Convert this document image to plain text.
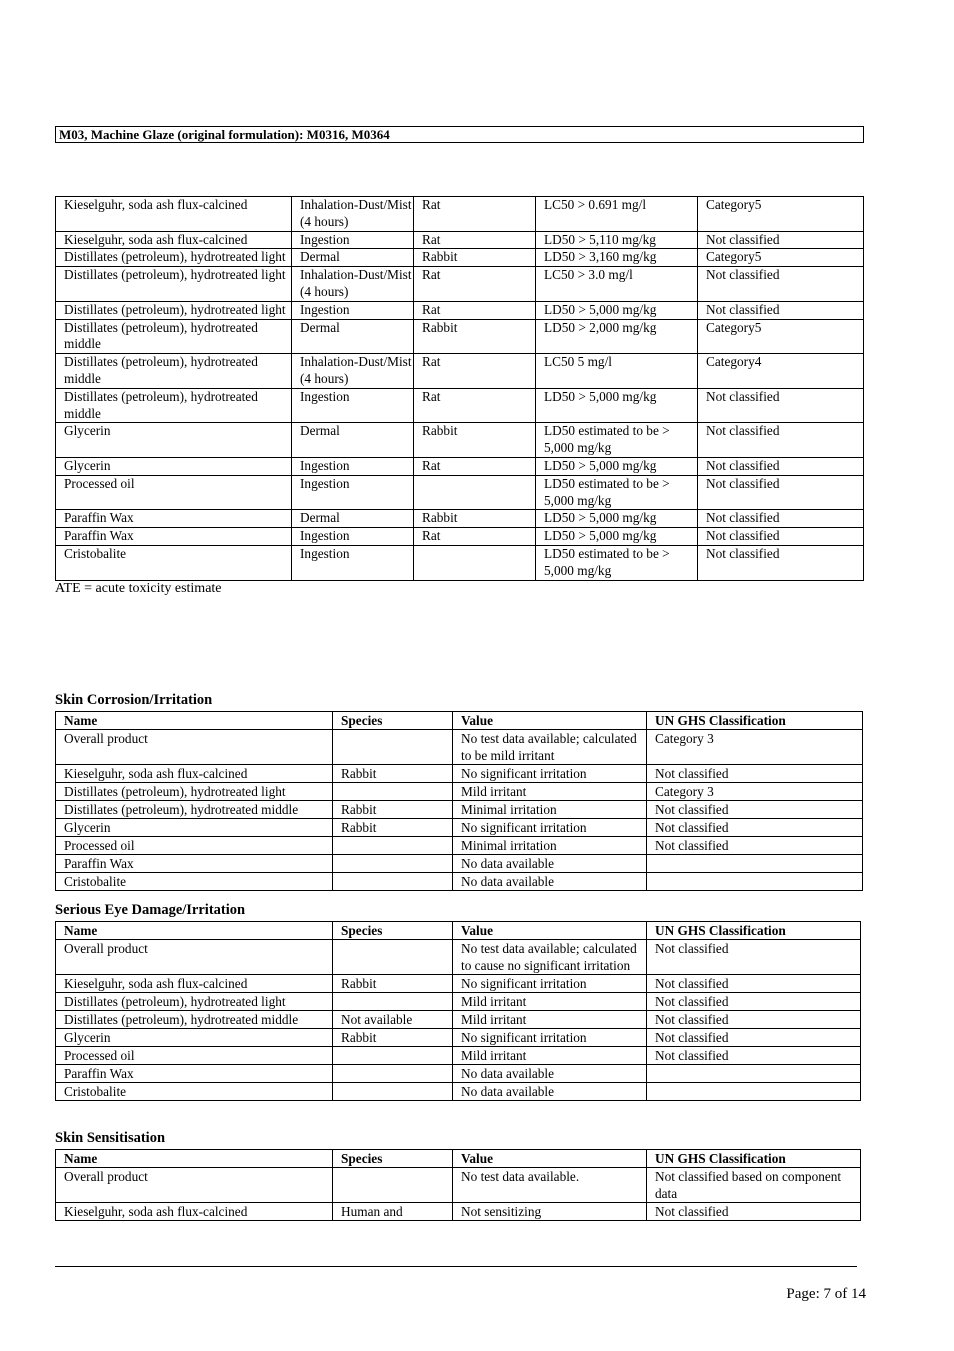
M03, Machine Glaze (original formulation): M0316, M0364
Kieselguhr, soda ash flux-calcined	Inhalation-Dust/Mist (4 hours)	Rat	LC50 > 0.691 mg/l	Category5
Kieselguhr, soda ash flux-calcined	Ingestion	Rat	LD50 > 5,110 mg/kg	Not classified
Distillates (petroleum), hydrotreated light	Dermal	Rabbit	LD50 > 3,160 mg/kg	Category5
Distillates (petroleum), hydrotreated light	Inhalation-Dust/Mist (4 hours)	Rat	LC50 > 3.0 mg/l	Not classified
Distillates (petroleum), hydrotreated light	Ingestion	Rat	LD50 > 5,000 mg/kg	Not classified
Distillates (petroleum), hydrotreated middle	Dermal	Rabbit	LD50 > 2,000 mg/kg	Category5
Distillates (petroleum), hydrotreated middle	Inhalation-Dust/Mist (4 hours)	Rat	LC50 5 mg/l	Category4
Distillates (petroleum), hydrotreated middle	Ingestion	Rat	LD50 > 5,000 mg/kg	Not classified
Glycerin	Dermal	Rabbit	LD50 estimated to be > 5,000 mg/kg	Not classified
Glycerin	Ingestion	Rat	LD50 > 5,000 mg/kg	Not classified
Processed oil	Ingestion		LD50 estimated to be > 5,000 mg/kg	Not classified
Paraffin Wax	Dermal	Rabbit	LD50 > 5,000 mg/kg	Not classified
Paraffin Wax	Ingestion	Rat	LD50 > 5,000 mg/kg	Not classified
Cristobalite	Ingestion		LD50 estimated to be > 5,000 mg/kg	Not classified
ATE = acute toxicity estimate
Skin Corrosion/Irritation
Name	Species	Value	UN GHS Classification
Overall product		No test data available; calculated to be mild irritant	Category 3
Kieselguhr, soda ash flux-calcined	Rabbit	No significant irritation	Not classified
Distillates (petroleum), hydrotreated light		Mild irritant	Category 3
Distillates (petroleum), hydrotreated middle	Rabbit	Minimal irritation	Not classified
Glycerin	Rabbit	No significant irritation	Not classified
Processed oil		Minimal irritation	Not classified
Paraffin Wax		No data available	
Cristobalite		No data available	
Serious Eye Damage/Irritation
Name	Species	Value	UN GHS Classification
Overall product		No test data available; calculated to cause no significant irritation	Not classified
Kieselguhr, soda ash flux-calcined	Rabbit	No significant irritation	Not classified
Distillates (petroleum), hydrotreated light		Mild irritant	Not classified
Distillates (petroleum), hydrotreated middle	Not available	Mild irritant	Not classified
Glycerin	Rabbit	No significant irritation	Not classified
Processed oil		Mild irritant	Not classified
Paraffin Wax		No data available	
Cristobalite		No data available	
Skin Sensitisation
Name	Species	Value	UN GHS Classification
Overall product		No test data available.	Not classified based on component data
Kieselguhr, soda ash flux-calcined	Human and	Not sensitizing	Not classified
Page: 7 of 14
